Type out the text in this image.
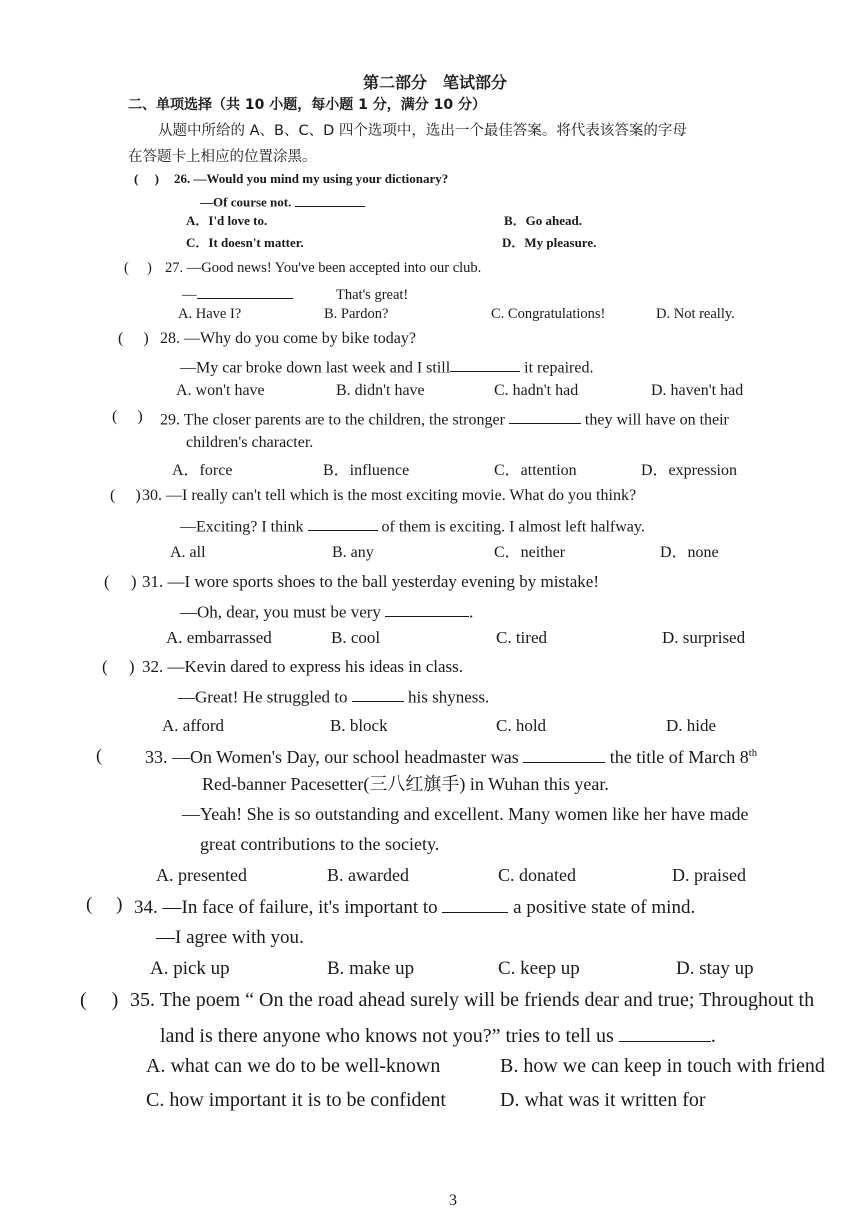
第二部分　笔试部分
二、单项选择（共 10 小题，每小题 1 分，满分 10 分）
从题中所给的 A、B、C、D 四个选项中，选出一个最佳答案。将代表该答案的字母
在答题卡上相应的位置涂黑。
(　 ) 26. —Would you mind my using your dictionary?
—Of course not.
A．I'd love to.	B．Go ahead.
C．It doesn't matter.	D．My pleasure.
(　 ) 27. —Good news! You've been accepted into our club.
—　　　	That's great!
A. Have I?	B. Pardon?	C. Congratulations!	D. Not really.
(　 ) 28. —Why do you come by bike today?
—My car broke down last week and I still	it repaired.
A. won't have	B. didn't have	C. hadn't had	D. haven't had
(　 ) 29. The closer parents are to the children, the stronger	they will have on their
children's character.
A．force	B．influence	C．attention	D．expression
(　 ) 30. —I really can't tell which is the most exciting movie. What do you think?
—Exciting? I think	of them is exciting. I almost left halfway.
A. all	B. any	C．neither	D．none
(　 ) 31. —I wore sports shoes to the ball yesterday evening by mistake!
—Oh, dear, you must be very	.
A. embarrassed	B. cool	C. tired	D. surprised
(　 ) 32. —Kevin dared to express his ideas in class.
—Great! He struggled to	his shyness.
A. afford	B. block	C. hold	D. hide
( 33. —On Women's Day, our school headmaster was	the title of March 8th
Red-banner Pacesetter(三八红旗手) in Wuhan this year.
—Yeah! She is so outstanding and excellent. Many women like her have made
great contributions to the society.
A. presented	B. awarded	C. donated	D. praised
(　 ) 34. —In face of failure, it's important to	a positive state of mind.
—I agree with you.
A. pick up	B. make up	C. keep up	D. stay up
(　 ) 35. The poem “ On the road ahead surely will be friends dear and true; Throughout th
land is there anyone who knows not you?” tries to tell us	.
A. what can we do to be well-known	B. how we can keep in touch with friend
C. how important it is to be confident	D. what was it written for
3
